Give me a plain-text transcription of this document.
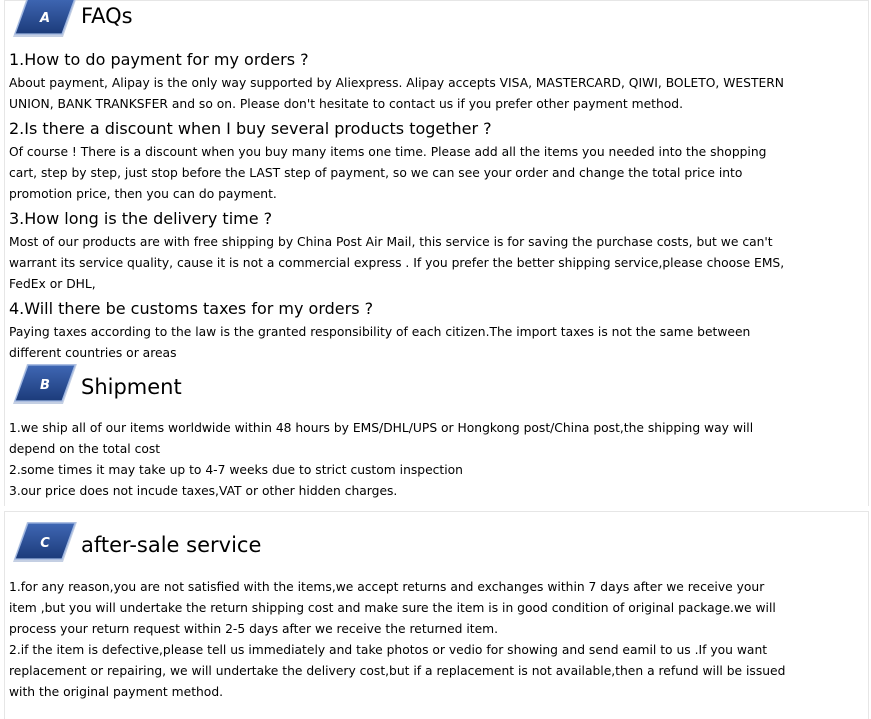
A FAQs
1.How to do payment for my orders ?
About payment, Alipay is the only way supported by Aliexpress. Alipay accepts VISA, MASTERCARD, QIWI, BOLETO, WESTERN
UNION, BANK TRANKSFER and so on. Please don't hesitate to contact us if you prefer other payment method.
2.Is there a discount when I buy several products together ?
Of course ! There is a discount when you buy many items one time. Please add all the items you needed into the shopping
cart, step by step, just stop before the LAST step of payment, so we can see your order and change the total price into
promotion price, then you can do payment.
3.How long is the delivery time ?
Most of our products are with free shipping by China Post Air Mail, this service is for saving the purchase costs, but we can't
warrant its service quality, cause it is not a commercial express . If you prefer the better shipping service,please choose EMS,
FedEx or DHL,
4.Will there be customs taxes for my orders ?
Paying taxes according to the law is the granted responsibility of each citizen.The import taxes is not the same between
different countries or areas
B Shipment
1.we ship all of our items worldwide within 48 hours by EMS/DHL/UPS or Hongkong post/China post,the shipping way will
depend on the total cost
2.some times it may take up to 4-7 weeks due to strict custom inspection
3.our price does not incude taxes,VAT or other hidden charges.
C after-sale service
1.for any reason,you are not satisfied with the items,we accept returns and exchanges within 7 days after we receive your
item ,but you will undertake the return shipping cost and make sure the item is in good condition of original package.we will
process your return request within 2-5 days after we receive the returned item.
2.if the item is defective,please tell us immediately and take photos or vedio for showing and send eamil to us .If you want
replacement or repairing, we will undertake the delivery cost,but if a replacement is not available,then a refund will be issued
with the original payment method.
